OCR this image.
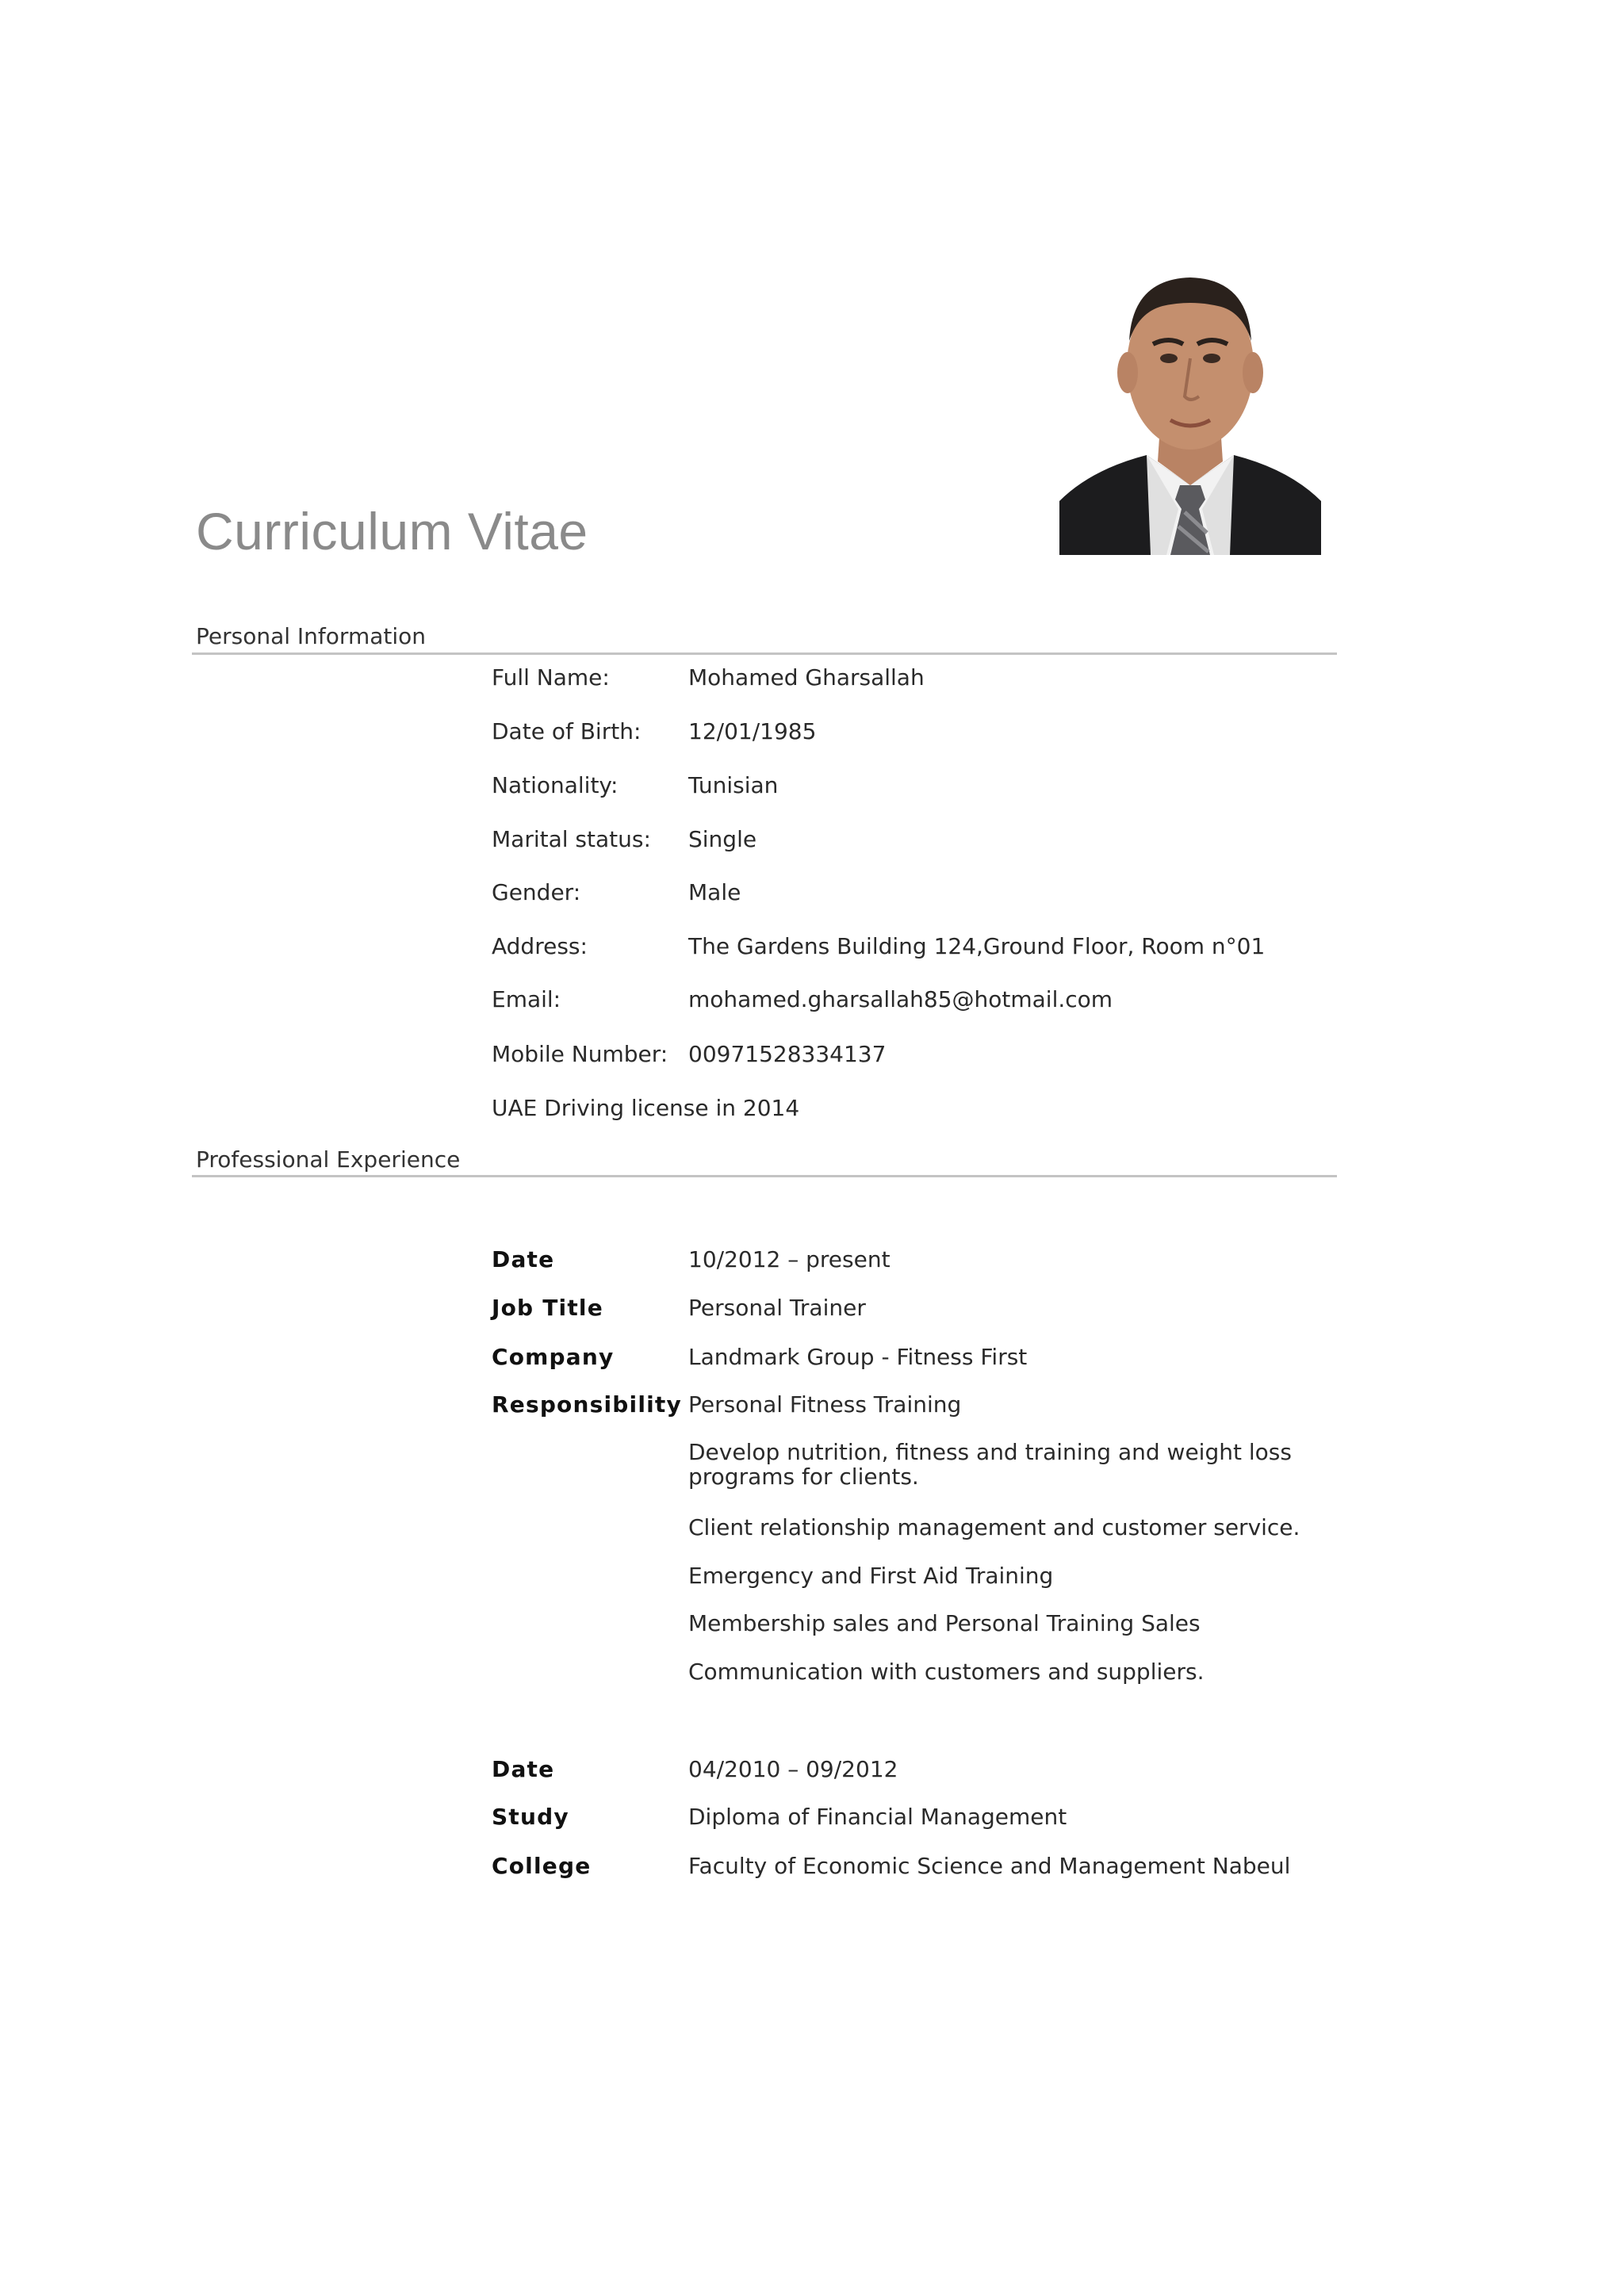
Curriculum Vitae
Personal Information
Full Name:	Mohamed Gharsallah
Date of Birth: 12/01/1985
Nationality:	Tunisian
Marital status: Single
Gender:	Male
Address:	The Gardens Building 124,Ground Floor, Room n°01
Email:	mohamed.gharsallah85@hotmail.com
Mobile Number: 00971528334137
UAE Driving license in 2014
Professional Experience
Date	10/2012 – present
Job Title	Personal Trainer
Company	Landmark Group - Fitness First
Responsibility Personal Fitness Training
Develop nutrition, fitness and training and weight loss programs for clients.
Client relationship management and customer service.
Emergency and First Aid Training
Membership sales and Personal Training Sales
Communication with customers and suppliers.
Date	04/2010 – 09/2012
Study	Diploma of Financial Management
College	Faculty of Economic Science and Management Nabeul
